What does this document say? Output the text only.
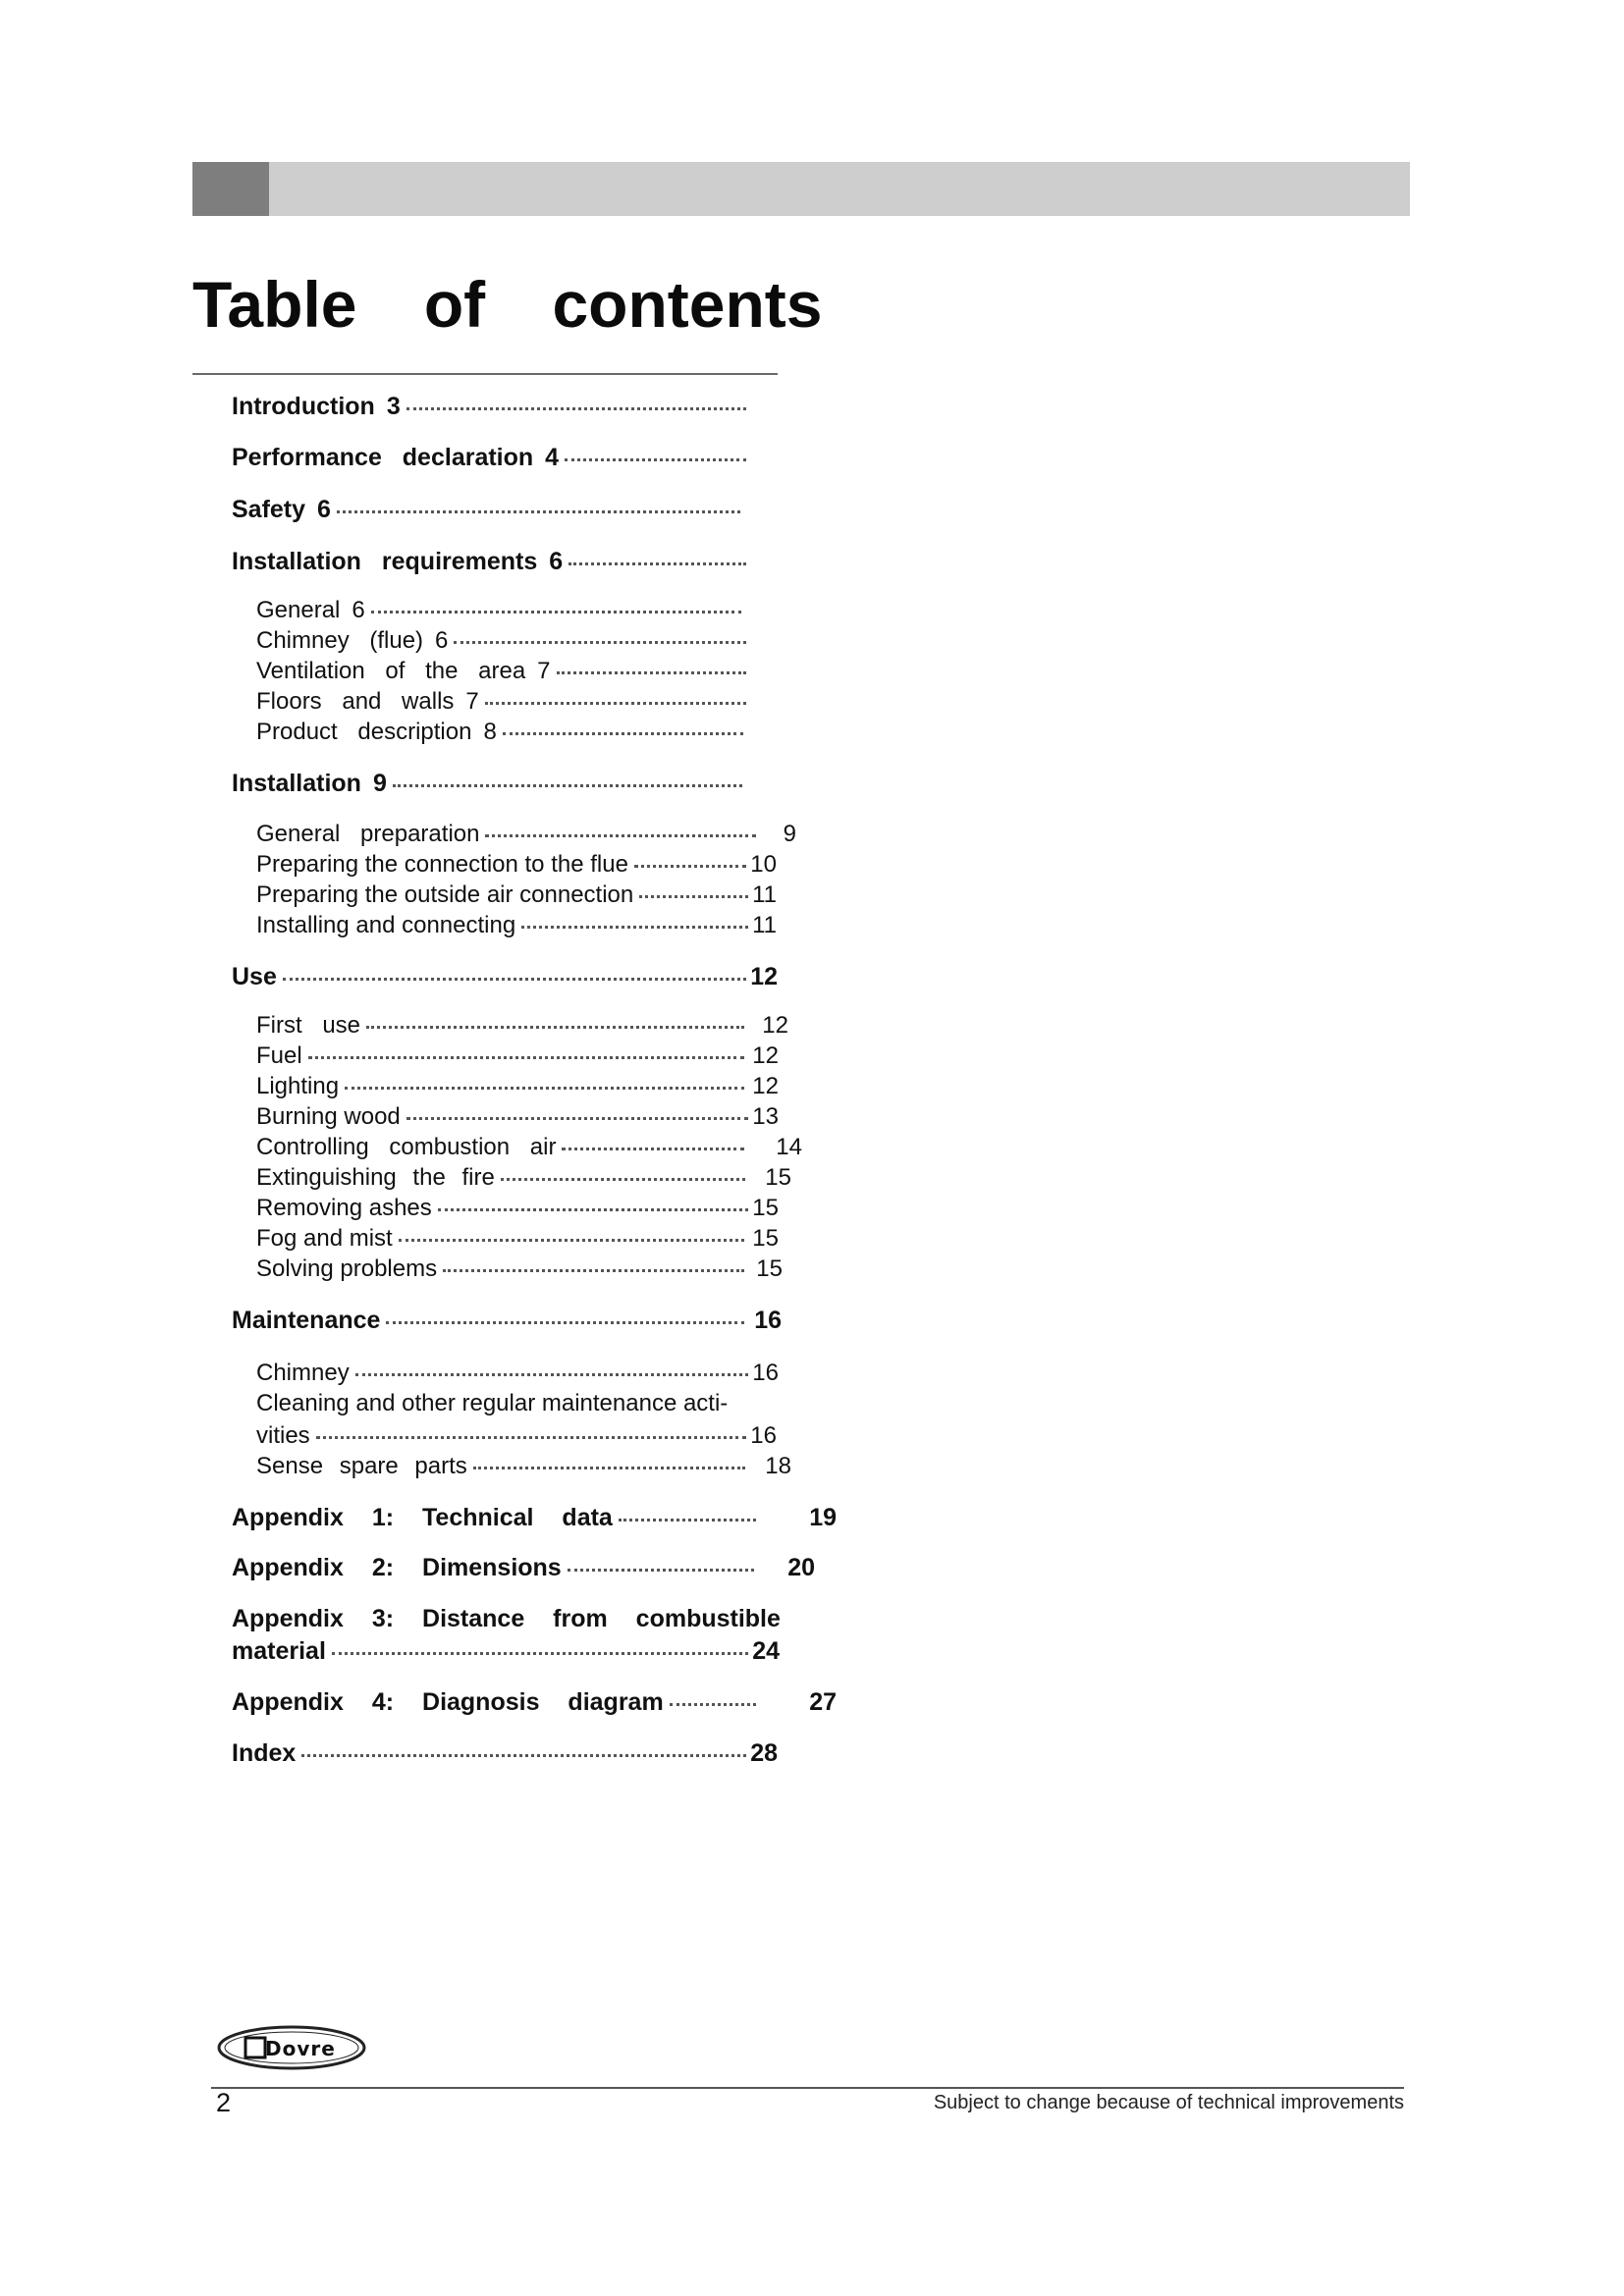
Table of contents
Introduction 3
Performance declaration 4
Safety 6
Installation requirements 6
General 6
Chimney (flue) 6
Ventilation of the area 7
Floors and walls 7
Product description 8
Installation 9
General preparation	9
Preparing the connection to the flue	10
Preparing the outside air connection	11
Installing and connecting	11
Use	12
First use	12
Fuel	12
Lighting	12
Burning wood	13
Controlling combustion air	14
Extinguishing the fire	15
Removing ashes	15
Fog and mist	15
Solving problems	15
Maintenance	16
Chimney	16
Cleaning and other regular maintenance acti-
vities	16
Sense spare parts	18
Appendix 1: Technical data	19
Appendix 2: Dimensions	20
Appendix 3: Distance from combustible
material	24
Appendix 4: Diagnosis diagram	27
Index	28
Dovre
2	Subject to change because of technical improvements
